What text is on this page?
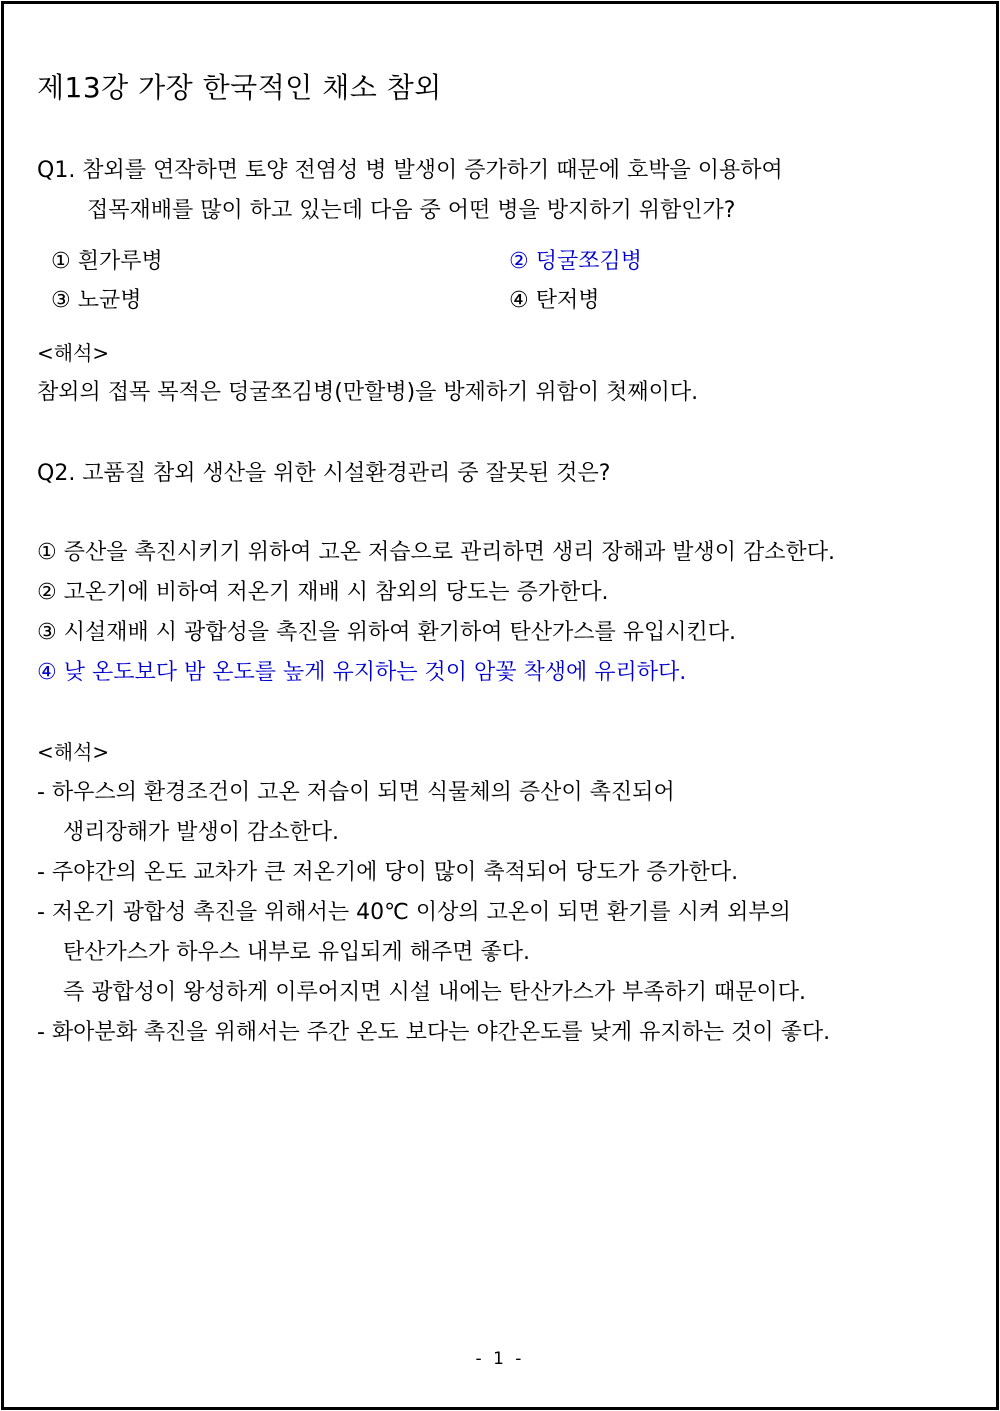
제13강 가장 한국적인 채소 참외
Q1. 참외를 연작하면 토양 전염성 병 발생이 증가하기 때문에 호박을 이용하여
접목재배를 많이 하고 있는데 다음 중 어떤 병을 방지하기 위함인가?
① 흰가루병	② 덩굴쪼김병
③ 노균병	④ 탄저병
<해석>
참외의 접목 목적은 덩굴쪼김병(만할병)을 방제하기 위함이 첫째이다.
Q2. 고품질 참외 생산을 위한 시설환경관리 중 잘못된 것은?
① 증산을 촉진시키기 위하여 고온 저습으로 관리하면 생리 장해과 발생이 감소한다.
② 고온기에 비하여 저온기 재배 시 참외의 당도는 증가한다.
③ 시설재배 시 광합성을 촉진을 위하여 환기하여 탄산가스를 유입시킨다.
④ 낮 온도보다 밤 온도를 높게 유지하는 것이 암꽃 착생에 유리하다.
<해석>
- 하우스의 환경조건이 고온 저습이 되면 식물체의 증산이 촉진되어
생리장해가 발생이 감소한다.
- 주야간의 온도 교차가 큰 저온기에 당이 많이 축적되어 당도가 증가한다.
- 저온기 광합성 촉진을 위해서는 40℃ 이상의 고온이 되면 환기를 시켜 외부의
탄산가스가 하우스 내부로 유입되게 해주면 좋다.
즉 광합성이 왕성하게 이루어지면 시설 내에는 탄산가스가 부족하기 때문이다.
- 화아분화 촉진을 위해서는 주간 온도 보다는 야간온도를 낮게 유지하는 것이 좋다.
- 1 -
